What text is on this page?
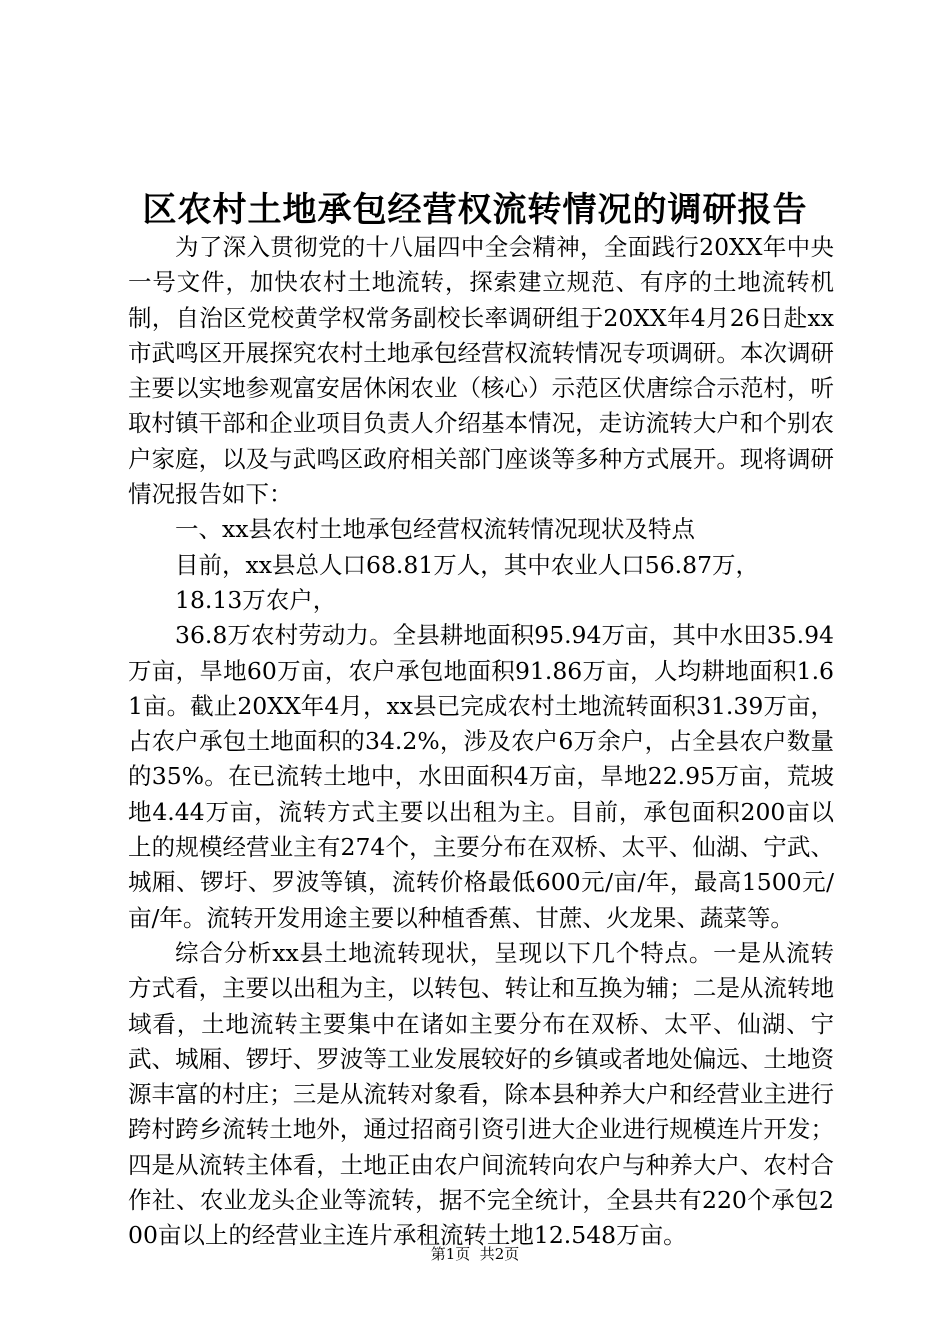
区农村土地承包经营权流转情况的调研报告

为了深入贯彻党的十八届四中全会精神，全面践行20XX年中央一号文件，加快农村土地流转，探索建立规范、有序的土地流转机制，自治区党校黄学权常务副校长率调研组于20XX年4月26日赴xx市武鸣区开展探究农村土地承包经营权流转情况专项调研。本次调研主要以实地参观富安居休闲农业（核心）示范区伏唐综合示范村，听取村镇干部和企业项目负责人介绍基本情况，走访流转大户和个别农户家庭，以及与武鸣区政府相关部门座谈等多种方式展开。现将调研情况报告如下：

一、xx县农村土地承包经营权流转情况现状及特点

目前，xx县总人口68.81万人，其中农业人口56.87万，

18.13万农户，

36.8万农村劳动力。全县耕地面积95.94万亩，其中水田35.94万亩，旱地60万亩，农户承包地面积91.86万亩，人均耕地面积1.61亩。截止20XX年4月，xx县已完成农村土地流转面积31.39万亩，占农户承包土地面积的34.2%，涉及农户6万余户，占全县农户数量的35%。在已流转土地中，水田面积4万亩，旱地22.95万亩，荒坡地4.44万亩，流转方式主要以出租为主。目前，承包面积200亩以上的规模经营业主有274个，主要分布在双桥、太平、仙湖、宁武、城厢、锣圩、罗波等镇，流转价格最低600元/亩/年，最高1500元/亩/年。流转开发用途主要以种植香蕉、甘蔗、火龙果、蔬菜等。

综合分析xx县土地流转现状，呈现以下几个特点。一是从流转方式看，主要以出租为主，以转包、转让和互换为辅；二是从流转地域看，土地流转主要集中在诸如主要分布在双桥、太平、仙湖、宁武、城厢、锣圩、罗波等工业发展较好的乡镇或者地处偏远、土地资源丰富的村庄；三是从流转对象看，除本县种养大户和经营业主进行跨村跨乡流转土地外，通过招商引资引进大企业进行规模连片开发；四是从流转主体看，土地正由农户间流转向农户与种养大户、农村合作社、农业龙头企业等流转，据不完全统计，全县共有220个承包200亩以上的经营业主连片承租流转土地12.548万亩。

第1页  共2页
